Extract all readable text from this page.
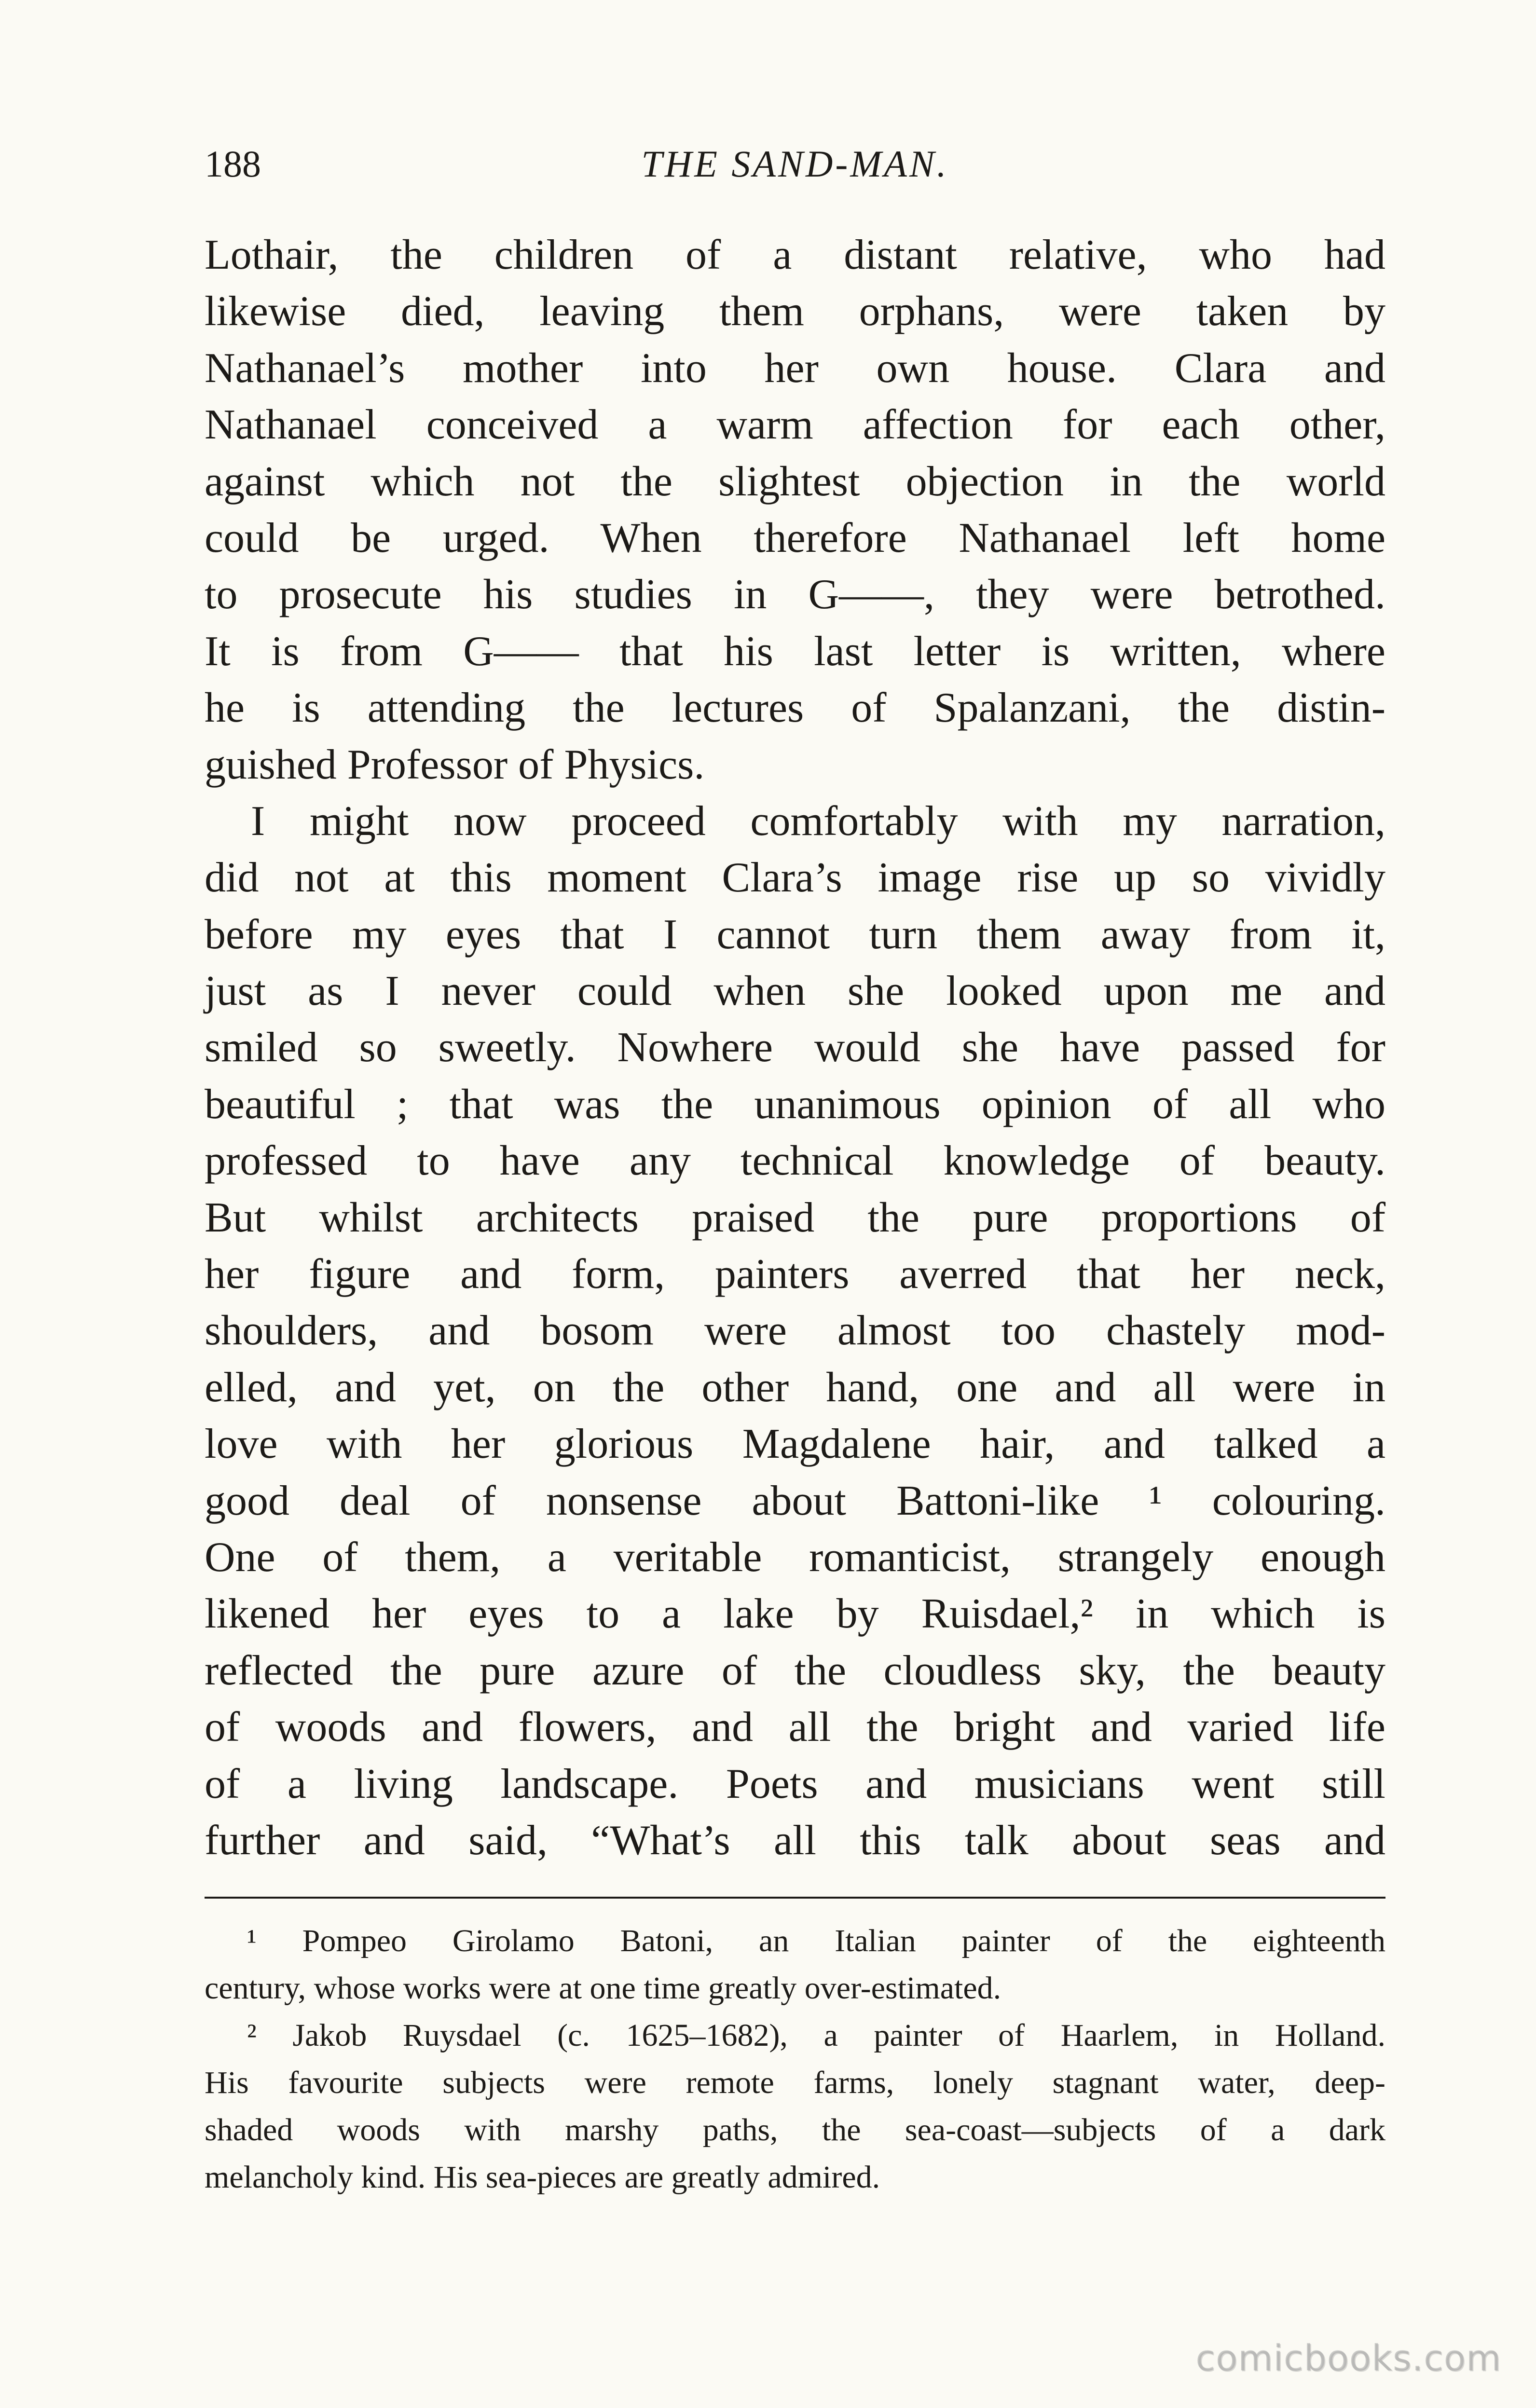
188	THE SAND-MAN.
Lothair, the children of a distant relative, who had
likewise died, leaving them orphans, were taken by
Nathanael’s mother into her own house. Clara and
Nathanael conceived a warm affection for each other,
against which not the slightest objection in the world
could be urged. When therefore Nathanael left home
to prosecute his studies in G——, they were betrothed.
It is from G—— that his last letter is written, where
he is attending the lectures of Spalanzani, the distin-
guished Professor of Physics.
I might now proceed comfortably with my narration,
did not at this moment Clara’s image rise up so vividly
before my eyes that I cannot turn them away from it,
just as I never could when she looked upon me and
smiled so sweetly. Nowhere would she have passed for
beautiful ; that was the unanimous opinion of all who
professed to have any technical knowledge of beauty.
But whilst architects praised the pure proportions of
her figure and form, painters averred that her neck,
shoulders, and bosom were almost too chastely mod-
elled, and yet, on the other hand, one and all were in
love with her glorious Magdalene hair, and talked a
good deal of nonsense about Battoni-like ¹ colouring.
One of them, a veritable romanticist, strangely enough
likened her eyes to a lake by Ruisdael,² in which is
reflected the pure azure of the cloudless sky, the beauty
of woods and flowers, and all the bright and varied life
of a living landscape. Poets and musicians went still
further and said, “What’s all this talk about seas and
¹ Pompeo Girolamo Batoni, an Italian painter of the eighteenth
century, whose works were at one time greatly over-estimated.
² Jakob Ruysdael (c. 1625–1682), a painter of Haarlem, in Holland.
His favourite subjects were remote farms, lonely stagnant water, deep-
shaded woods with marshy paths, the sea-coast—subjects of a dark
melancholy kind. His sea-pieces are greatly admired.
comicbooks.com
